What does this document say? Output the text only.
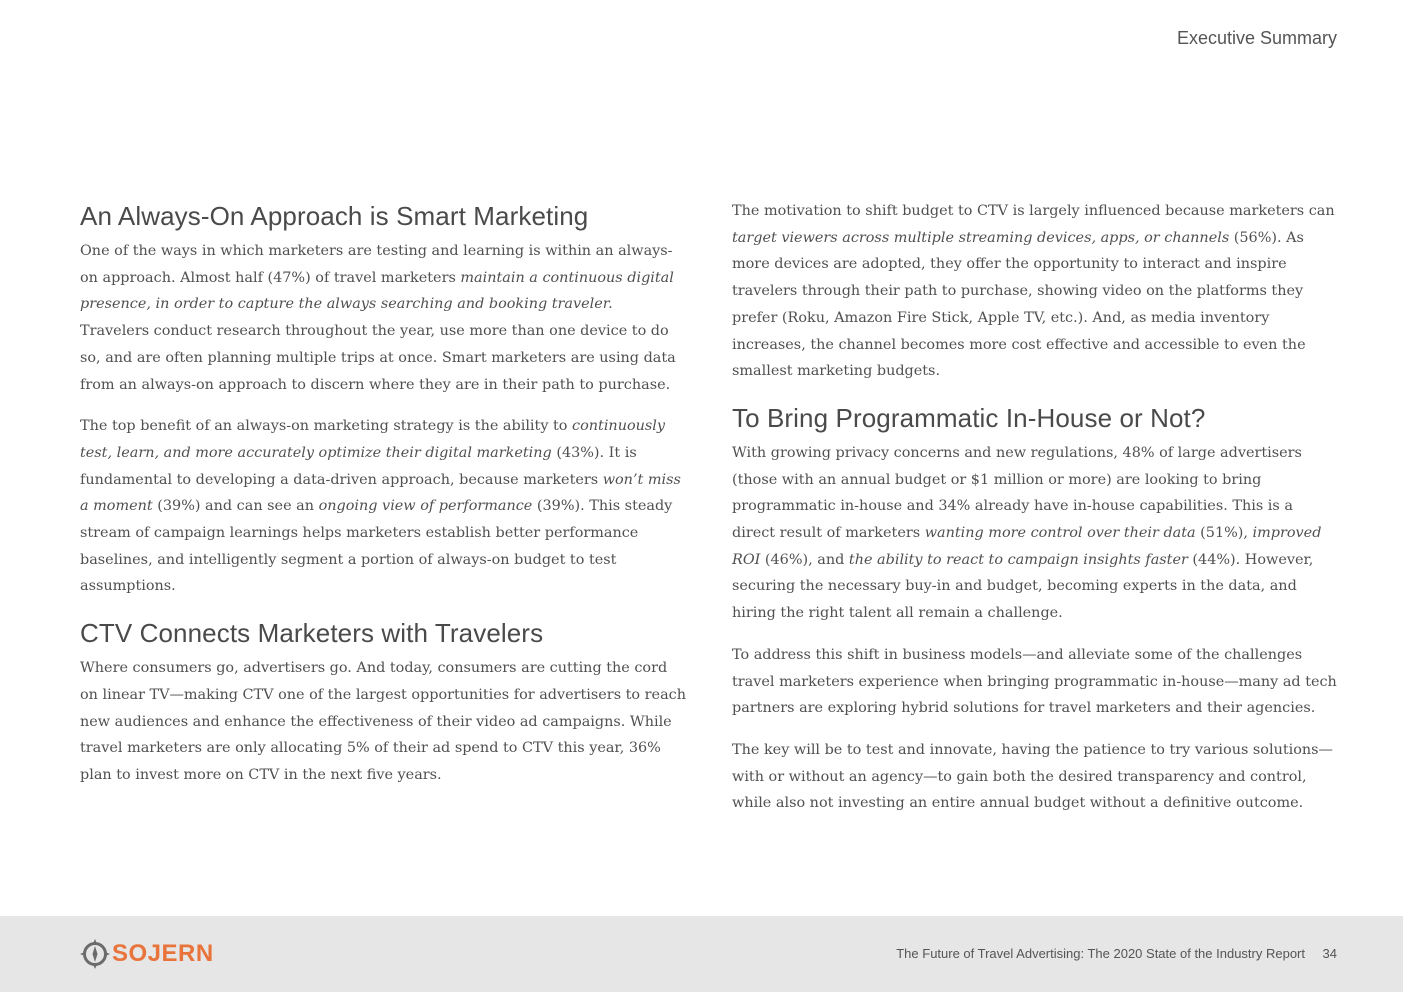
Executive Summary
An Always-On Approach is Smart Marketing

One of the ways in which marketers are testing and learning is within an always-on approach. Almost half (47%) of travel marketers maintain a continuous digital presence, in order to capture the always searching and booking traveler. Travelers conduct research throughout the year, use more than one device to do so, and are often planning multiple trips at once. Smart marketers are using data from an always-on approach to discern where they are in their path to purchase.

The top benefit of an always-on marketing strategy is the ability to continuously test, learn, and more accurately optimize their digital marketing (43%). It is fundamental to developing a data-driven approach, because marketers won’t miss a moment (39%) and can see an ongoing view of performance (39%). This steady stream of campaign learnings helps marketers establish better performance baselines, and intelligently segment a portion of always-on budget to test assumptions.

CTV Connects Marketers with Travelers

Where consumers go, advertisers go. And today, consumers are cutting the cord on linear TV—making CTV one of the largest opportunities for advertisers to reach new audiences and enhance the effectiveness of their video ad campaigns. While travel marketers are only allocating 5% of their ad spend to CTV this year, 36% plan to invest more on CTV in the next five years.

The motivation to shift budget to CTV is largely influenced because marketers can target viewers across multiple streaming devices, apps, or channels (56%). As more devices are adopted, they offer the opportunity to interact and inspire travelers through their path to purchase, showing video on the platforms they prefer (Roku, Amazon Fire Stick, Apple TV, etc.). And, as media inventory increases, the channel becomes more cost effective and accessible to even the smallest marketing budgets.

To Bring Programmatic In-House or Not?

With growing privacy concerns and new regulations, 48% of large advertisers (those with an annual budget or $1 million or more) are looking to bring programmatic in-house and 34% already have in-house capabilities. This is a direct result of marketers wanting more control over their data (51%), improved ROI (46%), and the ability to react to campaign insights faster (44%). However, securing the necessary buy-in and budget, becoming experts in the data, and hiring the right talent all remain a challenge.

To address this shift in business models—and alleviate some of the challenges travel marketers experience when bringing programmatic in-house—many ad tech partners are exploring hybrid solutions for travel marketers and their agencies.

The key will be to test and innovate, having the patience to try various solutions—with or without an agency—to gain both the desired transparency and control, while also not investing an entire annual budget without a definitive outcome.

SOJERN	The Future of Travel Advertising: The 2020 State of the Industry Report 34
